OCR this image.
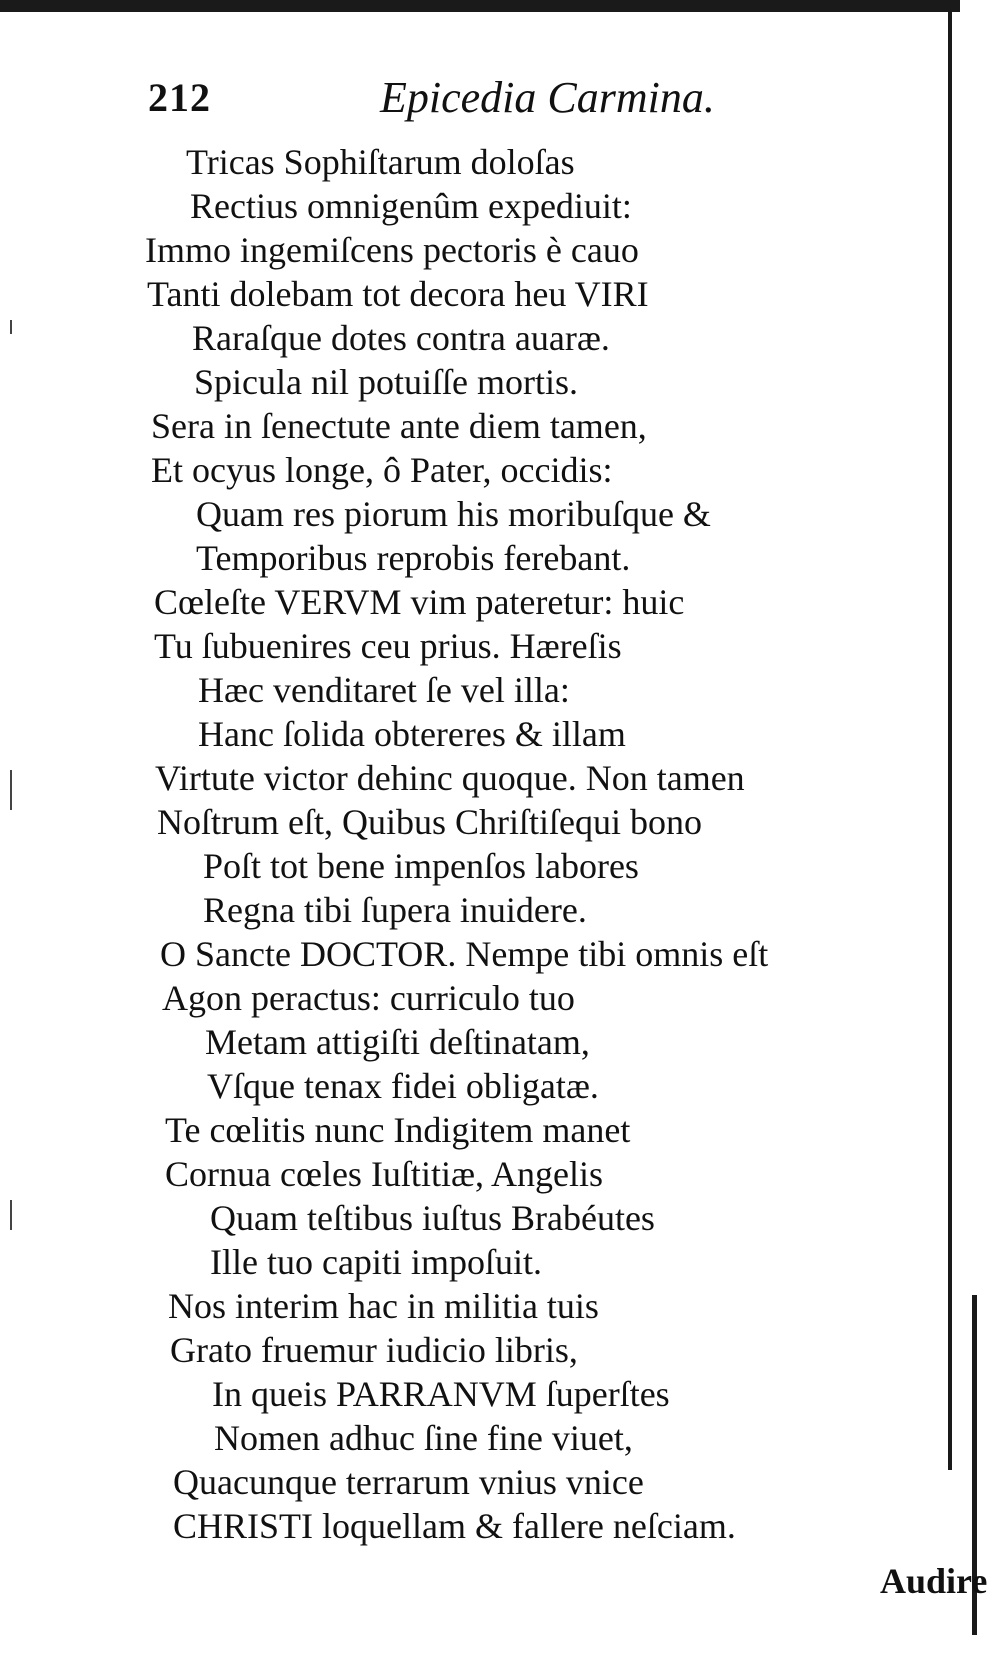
212	Epicedia Carmina.
Tricas Sophiſtarum doloſas
Rectius omnigenûm expediuit:
Immo ingemiſcens pectoris è cauo
Tanti dolebam tot decora heu VIRI
Raraſque dotes contra auaræ.
Spicula nil potuiſſe mortis.
Sera in ſenectute ante diem tamen,
Et ocyus longe, ô Pater, occidis:
Quam res piorum his moribuſque &
Temporibus reprobis ferebant.
Cœleſte VERVM vim pateretur: huic
Tu ſubuenires ceu prius. Hæreſis
Hæc venditaret ſe vel illa:
Hanc ſolida obtereres & illam
Virtute victor dehinc quoque. Non tamen
Noſtrum eſt, Quibus Chriſtiſequi bono
Poſt tot bene impenſos labores
Regna tibi ſupera inuidere.
O Sancte DOCTOR. Nempe tibi omnis eſt
Agon peractus: curriculo tuo
Metam attigiſti deſtinatam,
Vſque tenax fidei obligatæ.
Te cœlitis nunc Indigitem manet
Cornua cœles Iuſtitiæ, Angelis
Quam teſtibus iuſtus Brabéutes
Ille tuo capiti impoſuit.
Nos interim hac in militia tuis
Grato fruemur iudicio libris,
In queis PARRANVM ſuperſtes
Nomen adhuc ſine fine viuet,
Quacunque terrarum vnius vnice
CHRISTI loquellam & fallere neſciam.
Audire
